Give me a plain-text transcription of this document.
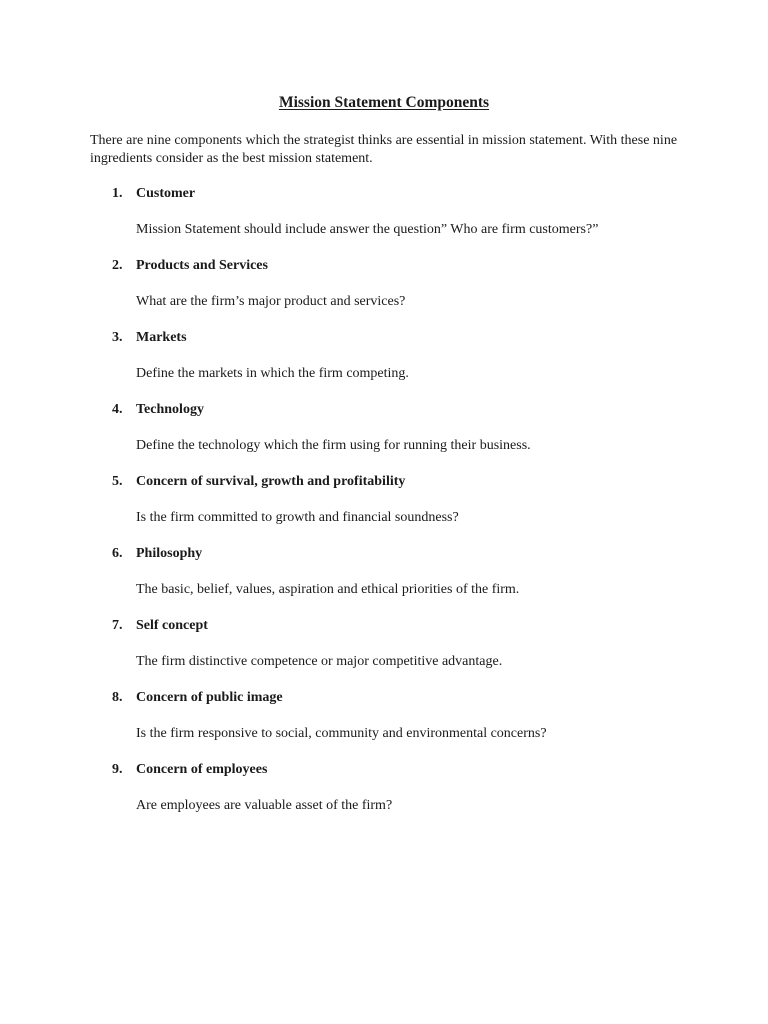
Mission Statement Components
There are nine components which the strategist thinks are essential in mission statement. With these nine ingredients consider as the best mission statement.
1. Customer
Mission Statement should include answer the question” Who are firm customers?”
2. Products and Services
What are the firm’s major product and services?
3. Markets
Define the markets in which the firm competing.
4. Technology
Define the technology which the firm using for running their business.
5. Concern of survival, growth and profitability
Is the firm committed to growth and financial soundness?
6. Philosophy
The basic, belief, values, aspiration and ethical priorities of the firm.
7. Self concept
The firm distinctive competence or major competitive advantage.
8. Concern of public image
Is the firm responsive to social, community and environmental concerns?
9. Concern of employees
Are employees are valuable asset of the firm?
